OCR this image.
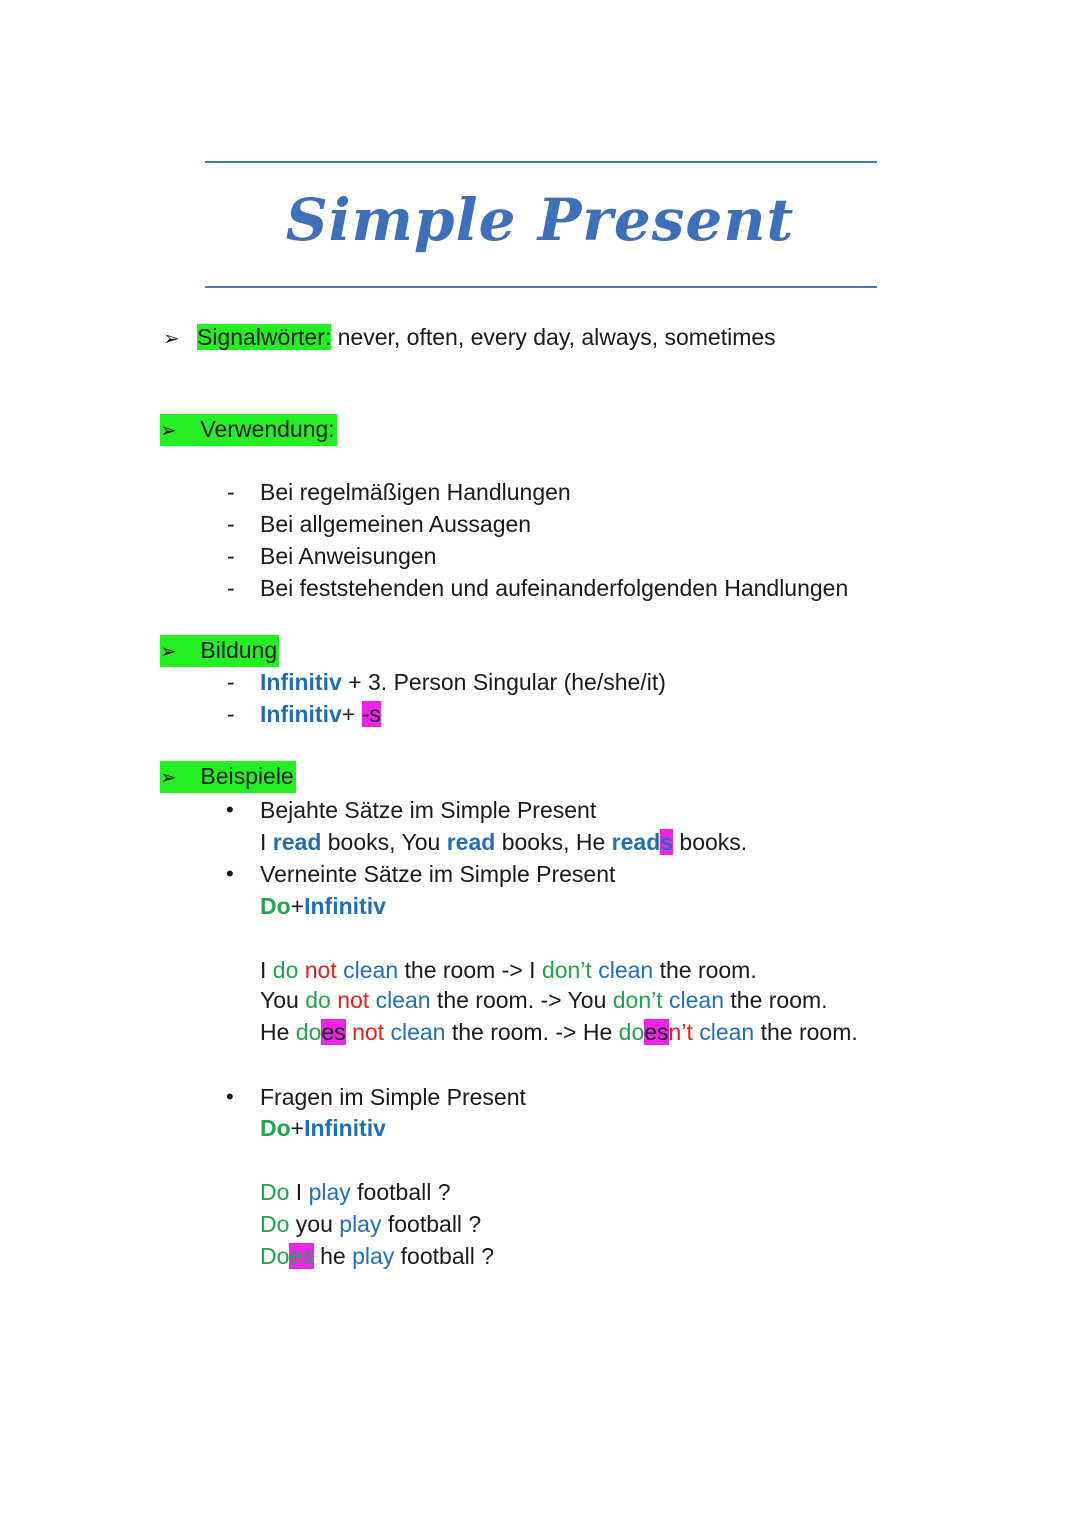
Simple Present
➢ Signalwörter: never, often, every day, always, sometimes
➢ Verwendung:
-	Bei regelmäßigen Handlungen
-	Bei allgemeinen Aussagen
-	Bei Anweisungen
-	Bei feststehenden und aufeinanderfolgenden Handlungen
➢ Bildung
-	Infinitiv + 3. Person Singular (he/she/it)
-	Infinitiv+ -s
➢ Beispiele
• Bejahte Sätze im Simple Present
I read books, You read books, He reads books.
• Verneinte Sätze im Simple Present
Do+Infinitiv
I do not clean the room -> I don’t clean the room.
You do not clean the room. -> You don’t clean the room.
He does not clean the room. -> He doesn’t clean the room.
• Fragen im Simple Present
Do+Infinitiv
Do I play football ?
Do you play football ?
Does he play football ?
